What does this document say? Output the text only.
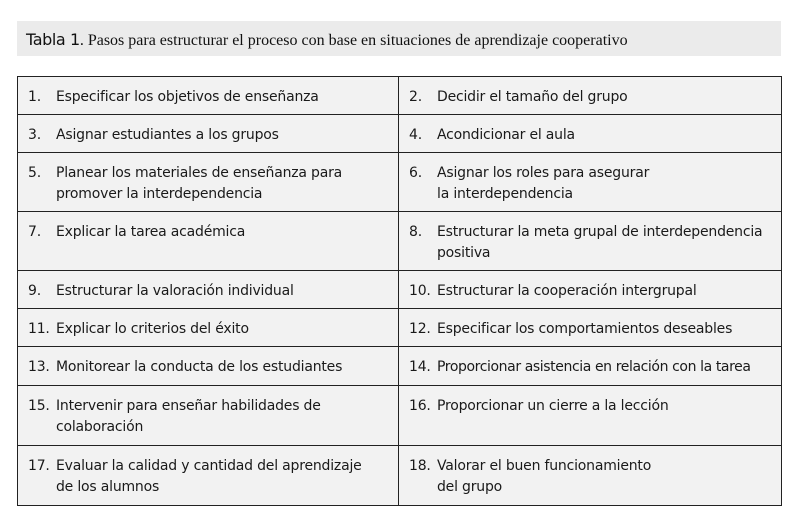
Tabla 1. Pasos para estructurar el proceso con base en situaciones de aprendizaje cooperativo
1. Especificar los objetivos de enseñanza	2. Decidir el tamaño del grupo

3. Asignar estudiantes a los grupos	4. Acondicionar el aula

5. Planear los materiales de enseñanza para promover la interdependencia	6. Asignar los roles para asegurar la interdependencia

7. Explicar la tarea académica	8. Estructurar la meta grupal de interdependencia positiva

9. Estructurar la valoración individual	10. Estructurar la cooperación intergrupal

11. Explicar lo criterios del éxito	12. Especificar los comportamientos deseables

13. Monitorear la conducta de los estudiantes	14. Proporcionar asistencia en relación con la tarea

15. Intervenir para enseñar habilidades de colaboración	16. Proporcionar un cierre a la lección

17. Evaluar la calidad y cantidad del aprendizaje de los alumnos	18. Valorar el buen funcionamiento del grupo
